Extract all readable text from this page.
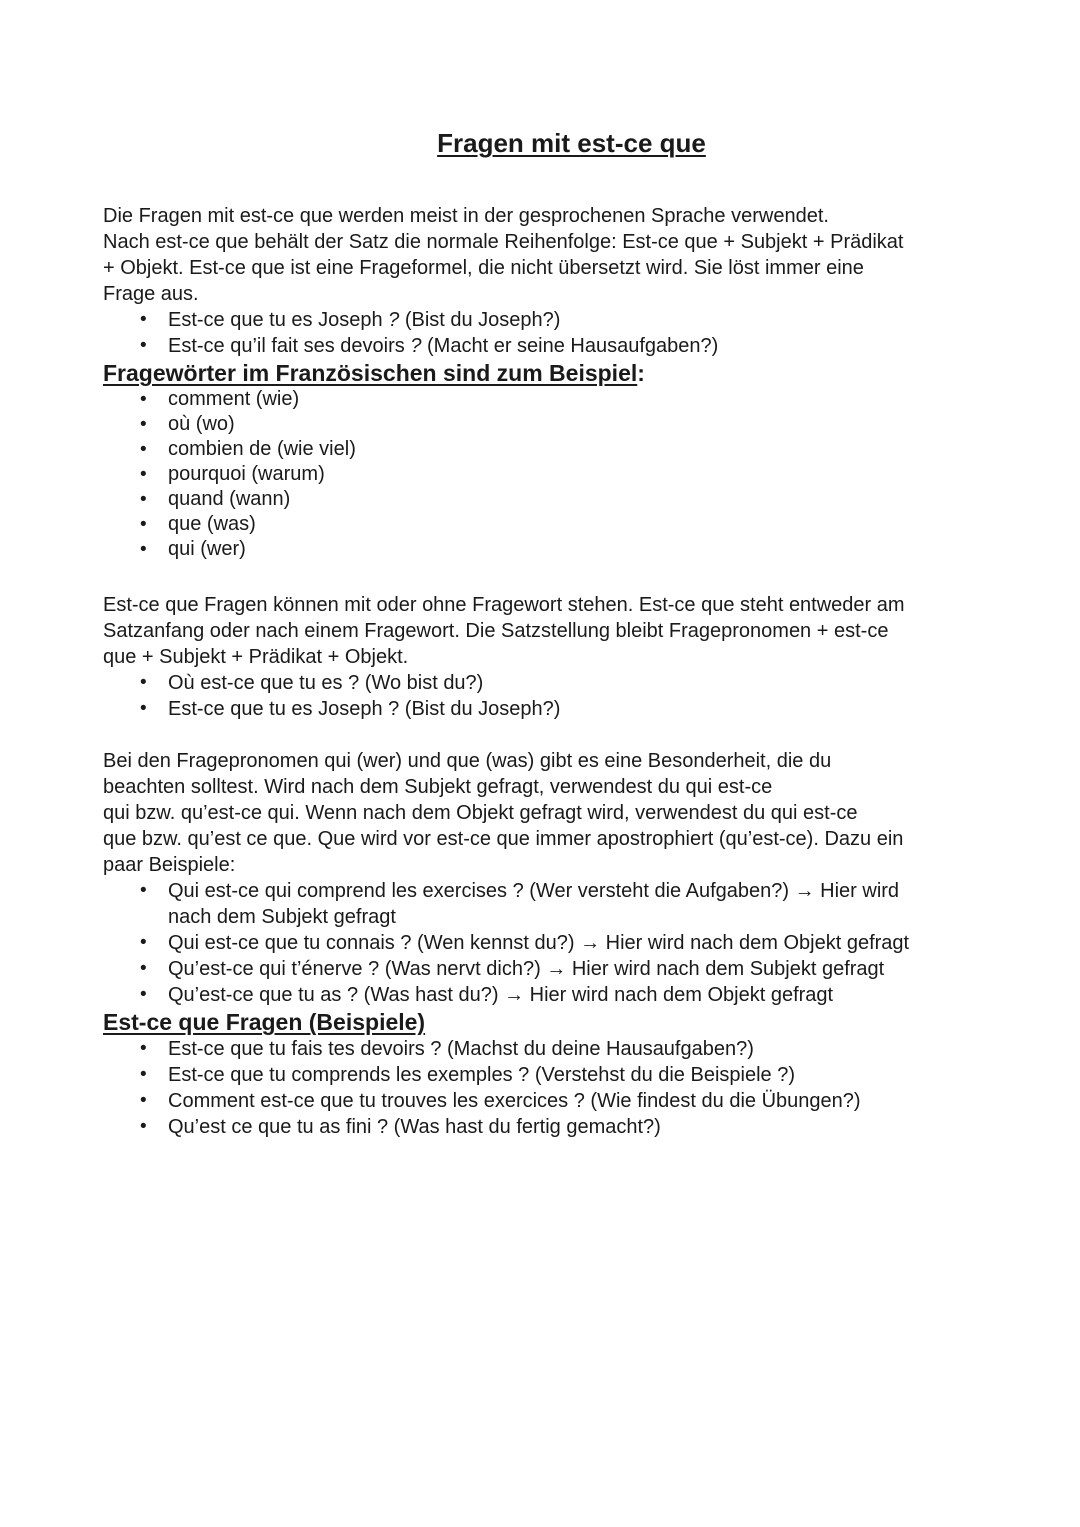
Fragen mit est-ce que
Die Fragen mit est-ce que werden meist in der gesprochenen Sprache verwendet.
Nach est-ce que behält der Satz die normale Reihenfolge: Est-ce que + Subjekt + Prädikat
+ Objekt. Est-ce que ist eine Frageformel, die nicht übersetzt wird. Sie löst immer eine
Frage aus.
• Est-ce que tu es Joseph ? (Bist du Joseph?)
• Est-ce qu’il fait ses devoirs ? (Macht er seine Hausaufgaben?)
Fragewörter im Französischen sind zum Beispiel:
• comment (wie)
• où (wo)
• combien de (wie viel)
• pourquoi (warum)
• quand (wann)
• que (was)
• qui (wer)
Est-ce que Fragen können mit oder ohne Fragewort stehen. Est-ce que steht entweder am
Satzanfang oder nach einem Fragewort. Die Satzstellung bleibt Fragepronomen + est-ce
que + Subjekt + Prädikat + Objekt.
• Où est-ce que tu es ? (Wo bist du?)
• Est-ce que tu es Joseph ? (Bist du Joseph?)
Bei den Fragepronomen qui (wer) und que (was) gibt es eine Besonderheit, die du
beachten solltest. Wird nach dem Subjekt gefragt, verwendest du qui est-ce
qui bzw. qu’est-ce qui. Wenn nach dem Objekt gefragt wird, verwendest du qui est-ce
que bzw. qu’est ce que. Que wird vor est-ce que immer apostrophiert (qu’est-ce). Dazu ein
paar Beispiele:
• Qui est-ce qui comprend les exercises ? (Wer versteht die Aufgaben?) → Hier wird
nach dem Subjekt gefragt
• Qui est-ce que tu connais ? (Wen kennst du?) → Hier wird nach dem Objekt gefragt
• Qu’est-ce qui t’énerve ? (Was nervt dich?) → Hier wird nach dem Subjekt gefragt
• Qu’est-ce que tu as ? (Was hast du?) → Hier wird nach dem Objekt gefragt
Est-ce que Fragen (Beispiele)
• Est-ce que tu fais tes devoirs ? (Machst du deine Hausaufgaben?)
• Est-ce que tu comprends les exemples ? (Verstehst du die Beispiele ?)
• Comment est-ce que tu trouves les exercices ? (Wie findest du die Übungen?)
• Qu’est ce que tu as fini ? (Was hast du fertig gemacht?)
